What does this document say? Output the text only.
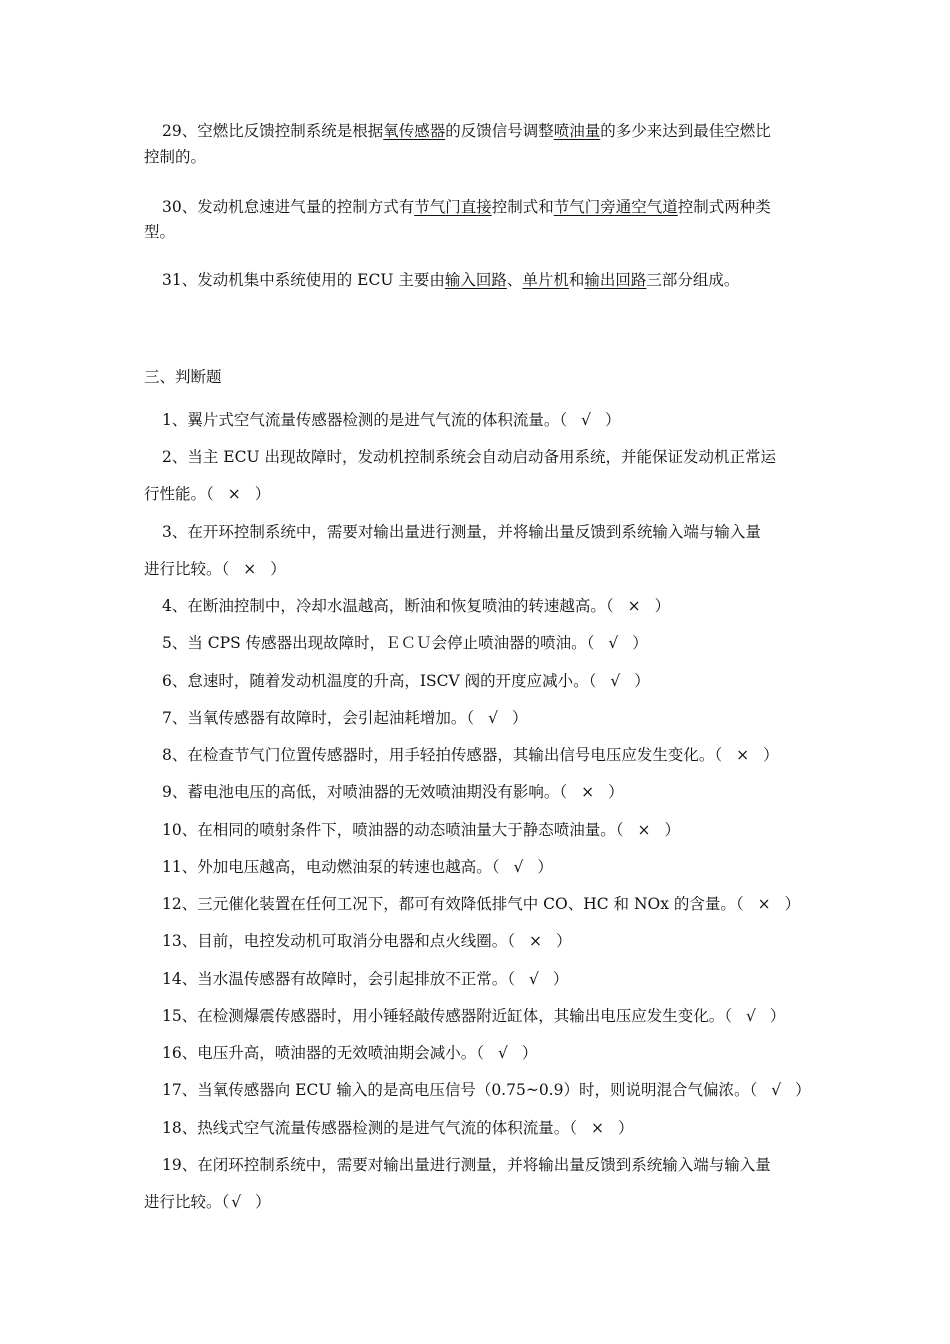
29、空燃比反馈控制系统是根据氧传感器的反馈信号调整喷油量的多少来达到最佳空燃比
控制的。
30、发动机怠速进气量的控制方式有节气门直接控制式和节气门旁通空气道控制式两种类
型。
31、发动机集中系统使用的 ECU 主要由输入回路、单片机和输出回路三部分组成。
三、判断题
1、翼片式空气流量传感器检测的是进气气流的体积流量。（ √ ）
2、当主 ECU 出现故障时，发动机控制系统会自动启动备用系统，并能保证发动机正常运
行性能。（ × ）
3、在开环控制系统中，需要对输出量进行测量，并将输出量反馈到系统输入端与输入量
进行比较。（ × ）
4、在断油控制中，冷却水温越高，断油和恢复喷油的转速越高。（ × ）
5、当 CPS 传感器出现故障时，ＥＣＵ会停止喷油器的喷油。（ √ ）
6、怠速时，随着发动机温度的升高，ISCV 阀的开度应减小。（ √ ）
7、当氧传感器有故障时，会引起油耗增加。（ √ ）
8、在检查节气门位置传感器时，用手轻拍传感器，其输出信号电压应发生变化。（ × ）
9、蓄电池电压的高低，对喷油器的无效喷油期没有影响。（ × ）
10、在相同的喷射条件下，喷油器的动态喷油量大于静态喷油量。（ × ）
11、外加电压越高，电动燃油泵的转速也越高。（ √ ）
12、三元催化装置在任何工况下，都可有效降低排气中 CO、HC 和 NOx 的含量。（ × ）
13、目前，电控发动机可取消分电器和点火线圈。（ × ）
14、当水温传感器有故障时，会引起排放不正常。（ √ ）
15、在检测爆震传感器时，用小锤轻敲传感器附近缸体，其输出电压应发生变化。（ √ ）
16、电压升高，喷油器的无效喷油期会减小。（ √ ）
17、当氧传感器向 ECU 输入的是高电压信号（0.75~0.9）时，则说明混合气偏浓。（ √ ）
18、热线式空气流量传感器检测的是进气气流的体积流量。（ × ）
19、在闭环控制系统中，需要对输出量进行测量，并将输出量反馈到系统输入端与输入量
进行比较。（ √ ）
